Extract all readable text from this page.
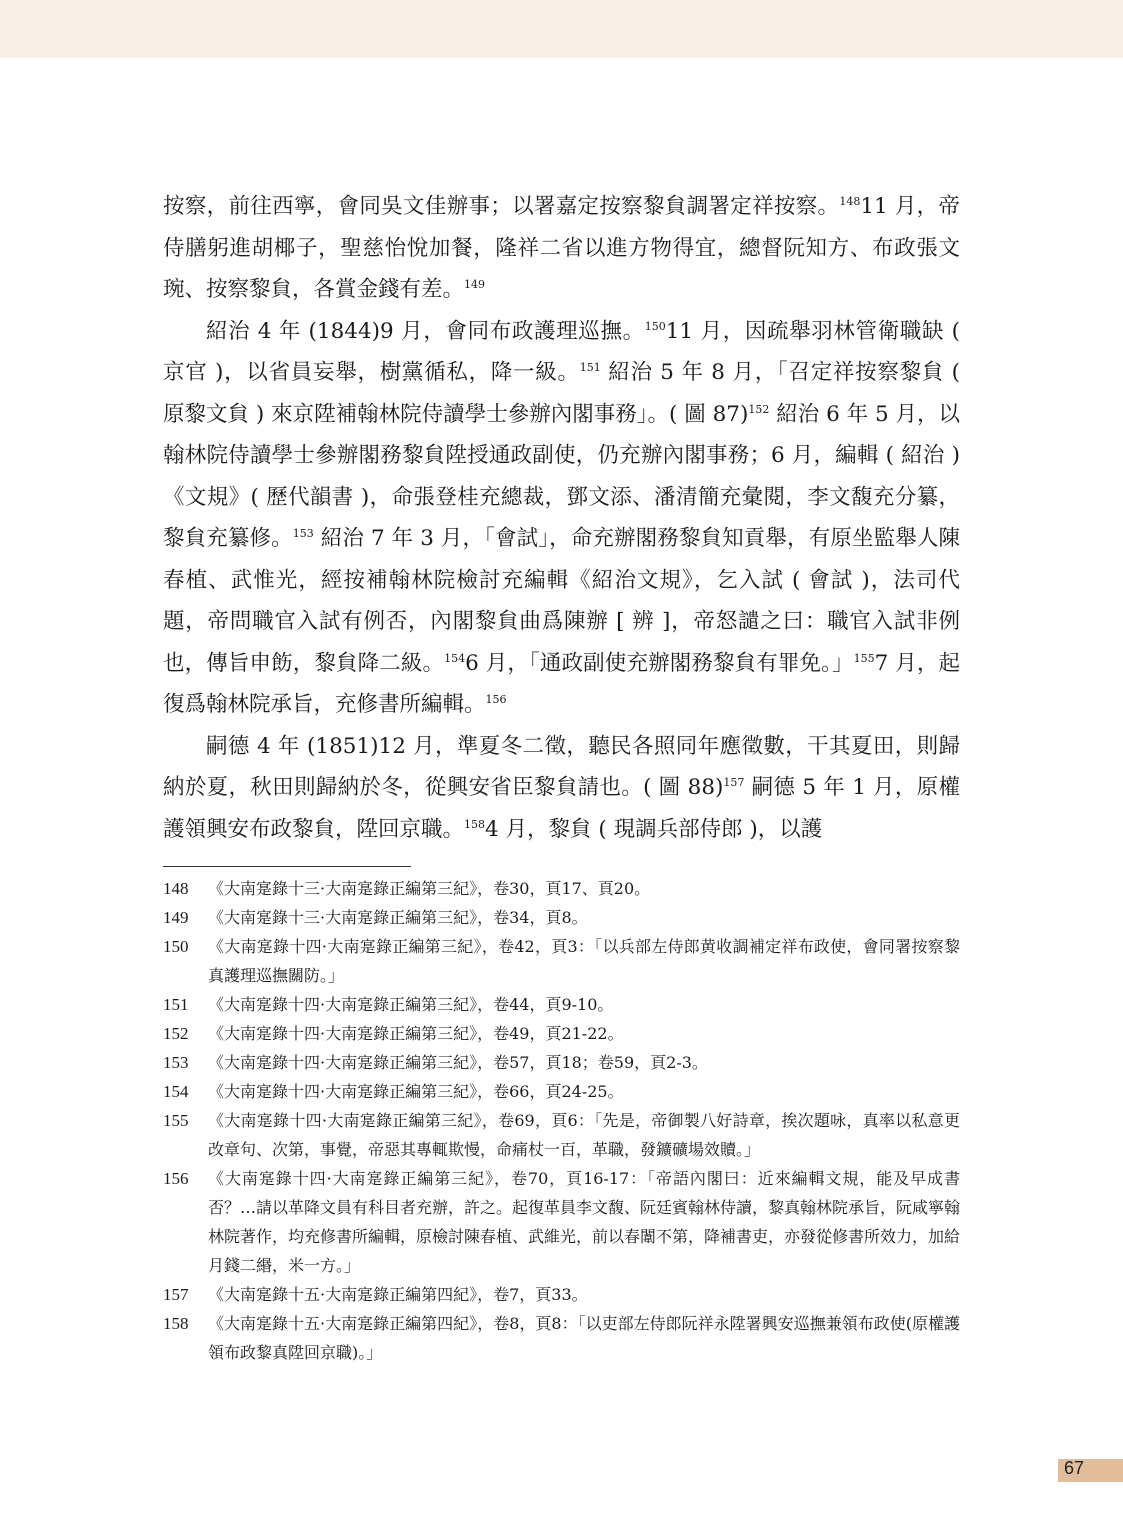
按察，前往西寧，會同吳文佳辦事；以署嘉定按察黎貟調署定祥按察。$^{148}$11 月，帝侍膳躬進胡椰子，聖慈怡悅加餐，隆祥二省以進方物得宜，總督阮知方、布政張文琬、按察黎貟，各賞金錢有差。$^{149}$

紹治 4 年 (1844)9 月，會同布政護理巡撫。$^{150}$11 月，因疏舉羽林管衛職缺 ( 京官 )，以省員妄舉，樹黨循私，降一級。$^{151}$ 紹治 5 年 8 月，「召定祥按察黎貟 ( 原黎文貟 ) 來京陞補翰林院侍讀學士參辦內閣事務」。( 圖 87)$^{152}$ 紹治 6 年 5 月，以翰林院侍讀學士參辦閣務黎貟陞授通政副使，仍充辦內閣事務；6 月，編輯 ( 紹治 )《文規》( 歷代韻書 )，命張登桂充總裁，鄧文添、潘清簡充彙閱，李文馥充分纂，黎貟充纂修。$^{153}$ 紹治 7 年 3 月，「會試」，命充辦閣務黎貟知貢舉，有原坐監舉人陳春植、武惟光，經按補翰林院檢討充編輯《紹治文規》，乞入試 ( 會試 )，法司代題，帝問職官入試有例否，內閣黎貟曲爲陳辦 [ 辨 ]，帝怒譴之曰：職官入試非例也，傳旨申飭，黎貟降二級。$^{154}$6 月，「通政副使充辦閣務黎貟有罪免。」$^{155}$7 月，起復爲翰林院承旨，充修書所編輯。$^{156}$

嗣德 4 年 (1851)12 月，準夏冬二徵，聽民各照同年應徵數，干其夏田，則歸納於夏，秋田則歸納於冬，從興安省臣黎貟請也。( 圖 88)$^{157}$ 嗣德 5 年 1 月，原權護領興安布政黎貟，陞回京職。$^{158}$4 月，黎貟 ( 現調兵部侍郎 )，以護

148	《大南寔錄十三·大南寔錄正編第三紀》，卷30，頁17、頁20。
149	《大南寔錄十三·大南寔錄正編第三紀》，卷34，頁8。
150	《大南寔錄十四·大南寔錄正編第三紀》，卷42，頁3：「以兵部左侍郎黄收調補定祥布政使，會同署按察黎真護理巡撫關防。」
151	《大南寔錄十四·大南寔錄正編第三紀》，卷44，頁9-10。
152	《大南寔錄十四·大南寔錄正編第三紀》，卷49，頁21-22。
153	《大南寔錄十四·大南寔錄正編第三紀》，卷57，頁18；卷59，頁2-3。
154	《大南寔錄十四·大南寔錄正編第三紀》，卷66，頁24-25。
155	《大南寔錄十四·大南寔錄正編第三紀》，卷69，頁6：「先是，帝御製八好詩章，挨次題咏，真率以私意更改章句、次第，事覺，帝惡其專輒欺慢，命痛杖一百，革職，發鑛礦場效贖。」
156	《大南寔錄十四·大南寔錄正編第三紀》，卷70，頁16-17：「帝語內閣曰：近來編輯文規，能及早成書否？…請以革降文員有科目者充辦，許之。起復革員李文馥、阮廷賓翰林侍讀，黎真翰林院承旨，阮咸寧翰林院著作，均充修書所編輯，原檢討陳春植、武維光，前以春闈不第，降補書吏，亦發從修書所效力，加給月錢二緡，米一方。」
157	《大南寔錄十五·大南寔錄正編第四紀》，卷7，頁33。
158	《大南寔錄十五·大南寔錄正編第四紀》，卷8，頁8：「以吏部左侍郎阮祥永陞署興安巡撫兼領布政使(原權護領布政黎真陞回京職)。」
67
